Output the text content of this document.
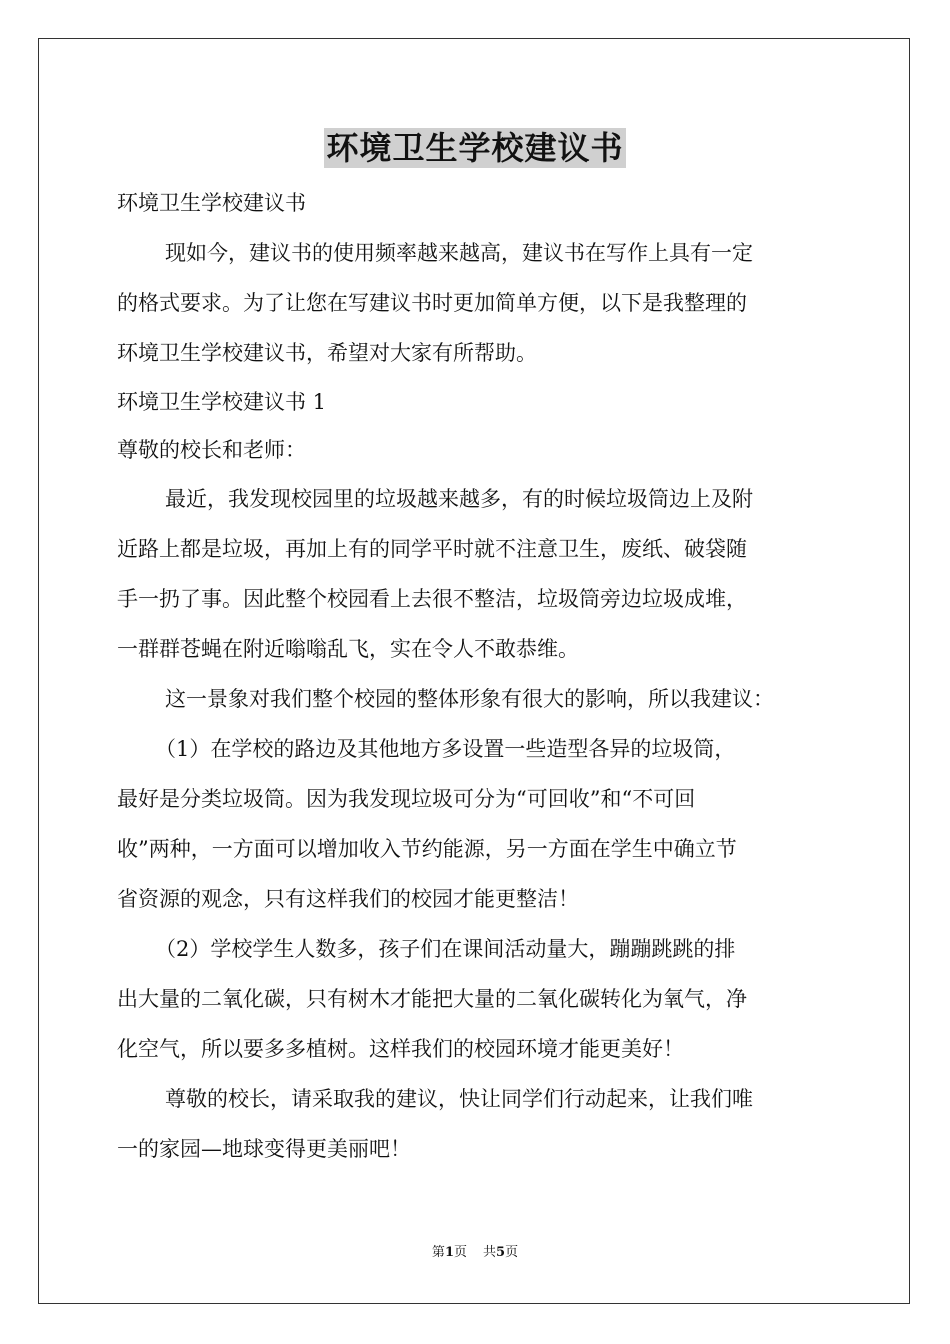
环境卫生学校建议书
环境卫生学校建议书
现如今，建议书的使用频率越来越高，建议书在写作上具有一定
的格式要求。为了让您在写建议书时更加简单方便，以下是我整理的
环境卫生学校建议书，希望对大家有所帮助。
环境卫生学校建议书 1
尊敬的校长和老师：
最近，我发现校园里的垃圾越来越多，有的时候垃圾筒边上及附
近路上都是垃圾，再加上有的同学平时就不注意卫生，废纸、破袋随
手一扔了事。因此整个校园看上去很不整洁，垃圾筒旁边垃圾成堆，
一群群苍蝇在附近嗡嗡乱飞，实在令人不敢恭维。
这一景象对我们整个校园的整体形象有很大的影响，所以我建议：
（1）在学校的路边及其他地方多设置一些造型各异的垃圾筒，
最好是分类垃圾筒。因为我发现垃圾可分为“可回收”和“不可回
收”两种，一方面可以增加收入节约能源，另一方面在学生中确立节
省资源的观念，只有这样我们的校园才能更整洁！
（2）学校学生人数多，孩子们在课间活动量大，蹦蹦跳跳的排
出大量的二氧化碳，只有树木才能把大量的二氧化碳转化为氧气，净
化空气，所以要多多植树。这样我们的校园环境才能更美好！
尊敬的校长，请采取我的建议，快让同学们行动起来，让我们唯
一的家园—地球变得更美丽吧！
第1页 共5页
